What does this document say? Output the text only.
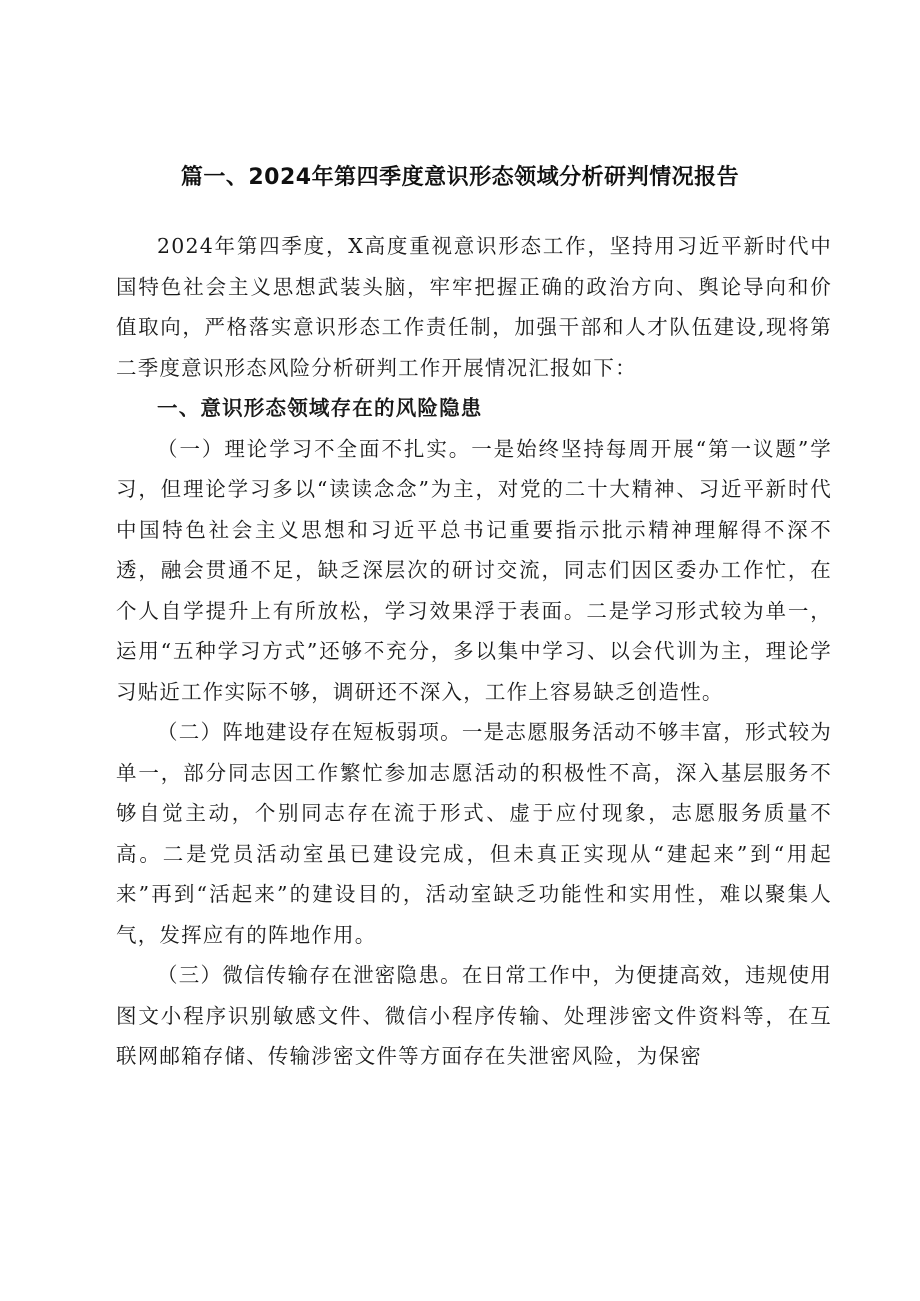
篇一、2024年第四季度意识形态领域分析研判情况报告

2024年第四季度，X高度重视意识形态工作，坚持用习近平新时代中国特色社会主义思想武装头脑，牢牢把握正确的政治方向、舆论导向和价值取向，严格落实意识形态工作责任制，加强干部和人才队伍建设,现将第二季度意识形态风险分析研判工作开展情况汇报如下：

一、意识形态领域存在的风险隐患

（一）理论学习不全面不扎实。一是始终坚持每周开展“第一议题”学习，但理论学习多以“读读念念”为主，对党的二十大精神、习近平新时代中国特色社会主义思想和习近平总书记重要指示批示精神理解得不深不透，融会贯通不足，缺乏深层次的研讨交流，同志们因区委办工作忙，在个人自学提升上有所放松，学习效果浮于表面。二是学习形式较为单一，运用“五种学习方式”还够不充分，多以集中学习、以会代训为主，理论学习贴近工作实际不够，调研还不深入，工作上容易缺乏创造性。

（二）阵地建设存在短板弱项。一是志愿服务活动不够丰富，形式较为单一，部分同志因工作繁忙参加志愿活动的积极性不高，深入基层服务不够自觉主动，个别同志存在流于形式、虚于应付现象，志愿服务质量不高。二是党员活动室虽已建设完成，但未真正实现从“建起来”到“用起来”再到“活起来”的建设目的，活动室缺乏功能性和实用性，难以聚集人气，发挥应有的阵地作用。

（三）微信传输存在泄密隐患。在日常工作中，为便捷高效，违规使用图文小程序识别敏感文件、微信小程序传输、处理涉密文件资料等，在互联网邮箱存储、传输涉密文件等方面存在失泄密风险，为保密
